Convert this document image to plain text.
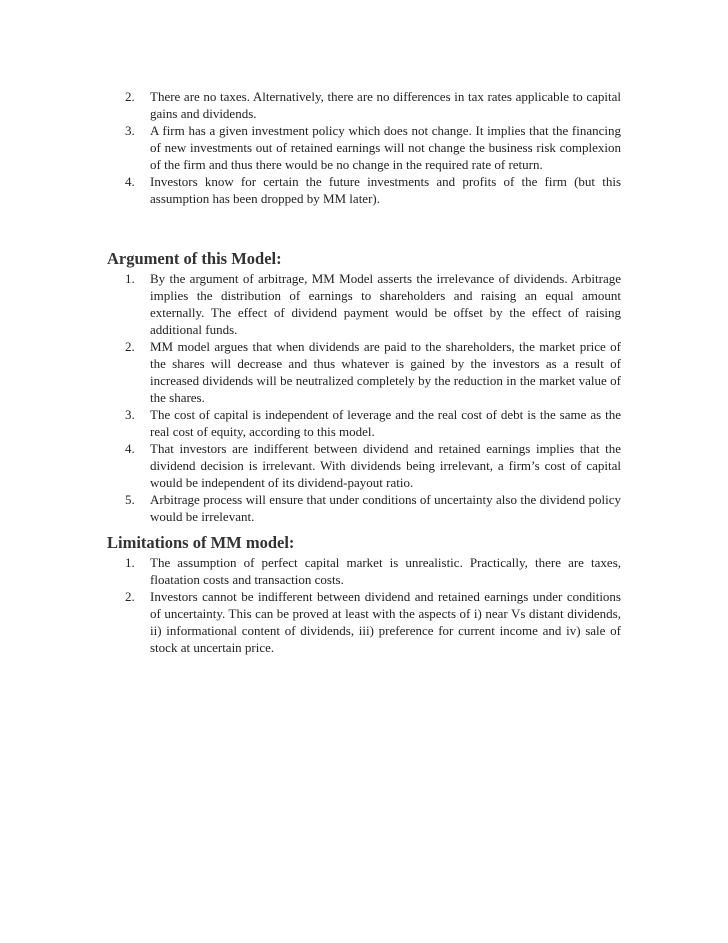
2. There are no taxes. Alternatively, there are no differences in tax rates applicable to capital gains and dividends.
3. A firm has a given investment policy which does not change. It implies that the financing of new investments out of retained earnings will not change the business risk complexion of the firm and thus there would be no change in the required rate of return.
4. Investors know for certain the future investments and profits of the firm (but this assumption has been dropped by MM later).
Argument of this Model:
1. By the argument of arbitrage, MM Model asserts the irrelevance of dividends. Arbitrage implies the distribution of earnings to shareholders and raising an equal amount externally. The effect of dividend payment would be offset by the effect of raising additional funds.
2. MM model argues that when dividends are paid to the shareholders, the market price of the shares will decrease and thus whatever is gained by the investors as a result of increased dividends will be neutralized completely by the reduction in the market value of the shares.
3. The cost of capital is independent of leverage and the real cost of debt is the same as the real cost of equity, according to this model.
4. That investors are indifferent between dividend and retained earnings implies that the dividend decision is irrelevant. With dividends being irrelevant, a firm’s cost of capital would be independent of its dividend-payout ratio.
5. Arbitrage process will ensure that under conditions of uncertainty also the dividend policy would be irrelevant.
Limitations of MM model:
1. The assumption of perfect capital market is unrealistic. Practically, there are taxes, floatation costs and transaction costs.
2. Investors cannot be indifferent between dividend and retained earnings under conditions of uncertainty. This can be proved at least with the aspects of i) near Vs distant dividends, ii) informational content of dividends, iii) preference for current income and iv) sale of stock at uncertain price.
